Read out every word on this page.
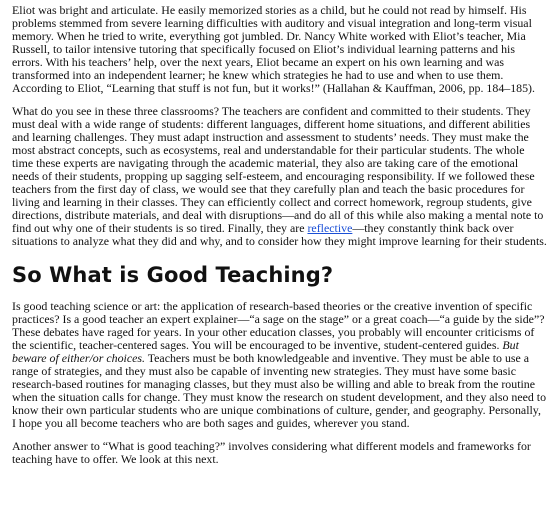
Eliot was bright and articulate. He easily memorized stories as a child, but he could not read by himself. His problems stemmed from severe learning difficulties with auditory and visual integration and long-term visual memory. When he tried to write, everything got jumbled. Dr. Nancy White worked with Eliot’s teacher, Mia Russell, to tailor intensive tutoring that specifically focused on Eliot’s individual learning patterns and his errors. With his teachers’ help, over the next years, Eliot became an expert on his own learning and was transformed into an independent learner; he knew which strategies he had to use and when to use them. According to Eliot, “Learning that stuff is not fun, but it works!” (Hallahan & Kauffman, 2006, pp. 184–185).

What do you see in these three classrooms? The teachers are confident and committed to their students. They must deal with a wide range of students: different languages, different home situations, and different abilities and learning challenges. They must adapt instruction and assessment to students’ needs. They must make the most abstract concepts, such as ecosystems, real and understandable for their particular students. The whole time these experts are navigating through the academic material, they also are taking care of the emotional needs of their students, propping up sagging self-esteem, and encouraging responsibility. If we followed these teachers from the first day of class, we would see that they carefully plan and teach the basic procedures for living and learning in their classes. They can efficiently collect and correct homework, regroup students, give directions, distribute materials, and deal with disruptions—and do all of this while also making a mental note to find out why one of their students is so tired. Finally, they are reflective—they constantly think back over situations to analyze what they did and why, and to consider how they might improve learning for their students.

So What is Good Teaching?

Is good teaching science or art: the application of research-based theories or the creative invention of specific practices? Is a good teacher an expert explainer—“a sage on the stage” or a great coach—“a guide by the side”? These debates have raged for years. In your other education classes, you probably will encounter criticisms of the scientific, teacher-centered sages. You will be encouraged to be inventive, student-centered guides. But beware of either/or choices. Teachers must be both knowledgeable and inventive. They must be able to use a range of strategies, and they must also be capable of inventing new strategies. They must have some basic research-based routines for managing classes, but they must also be willing and able to break from the routine when the situation calls for change. They must know the research on student development, and they also need to know their own particular students who are unique combinations of culture, gender, and geography. Personally, I hope you all become teachers who are both sages and guides, wherever you stand.

Another answer to “What is good teaching?” involves considering what different models and frameworks for teaching have to offer. We look at this next.
